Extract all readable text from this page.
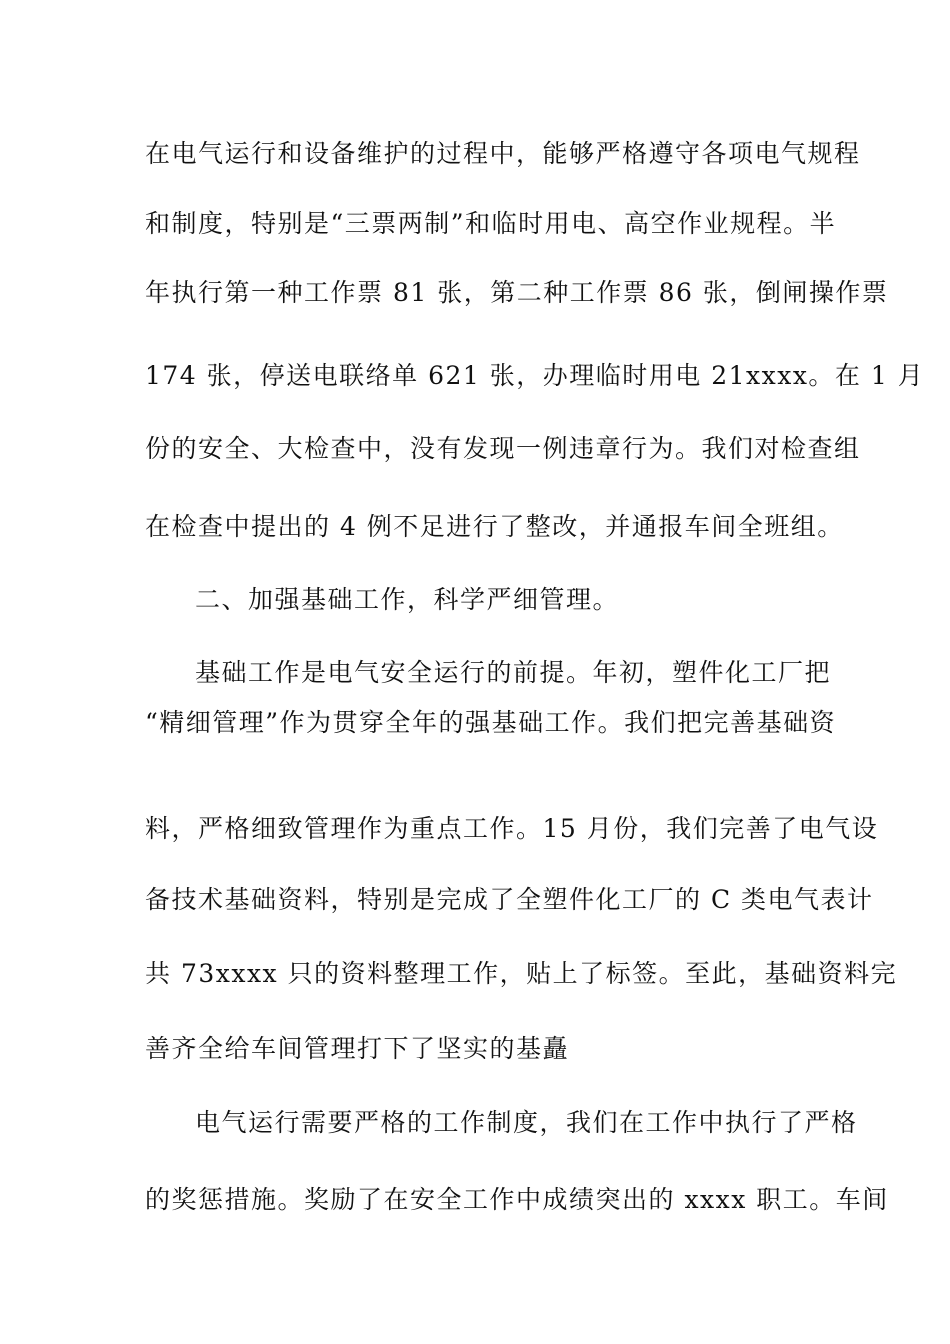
在电气运行和设备维护的过程中，能够严格遵守各项电气规程
和制度，特别是“三票两制”和临时用电、高空作业规程。半
年执行第一种工作票 81 张，第二种工作票 86 张，倒闸操作票
174 张，停送电联络单 621 张，办理临时用电 21xxxx。在 1 月
份的安全、大检查中，没有发现一例违章行为。我们对检查组
在检查中提出的 4 例不足进行了整改，并通报车间全班组。
二、加强基础工作，科学严细管理。
基础工作是电气安全运行的前提。年初，塑件化工厂把
“精细管理”作为贯穿全年的强基础工作。我们把完善基础资
料，严格细致管理作为重点工作。15 月份，我们完善了电气设
备技术基础资料，特别是完成了全塑件化工厂的 C 类电气表计
共 73xxxx 只的资料整理工作，贴上了标签。至此，基础资料完
善齐全给车间管理打下了坚实的基矗
电气运行需要严格的工作制度，我们在工作中执行了严格
的奖惩措施。奖励了在安全工作中成绩突出的 xxxx 职工。车间
